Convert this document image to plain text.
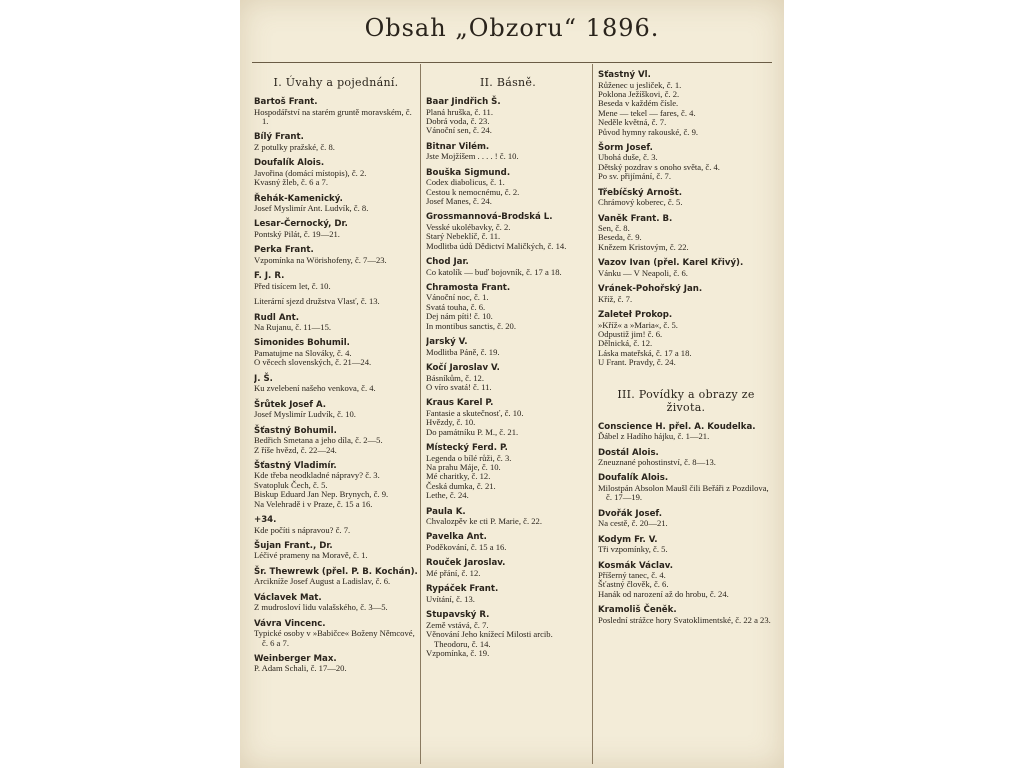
Obsah „Obzoru“ 1896.
I. Úvahy a pojednání.
Bartoš Frant.
Hospodářství na starém gruntě moravském, č. 1.
Bílý Frant.
Z potulky pražské, č. 8.
Doufalík Alois.
Javořina (domácí místopis), č. 2.
Kvasný žleb, č. 6 a 7.
Řehák-Kamenický.
Josef Myslimír Ant. Ludvík, č. 8.
Lesar-Černocký, Dr.
Pontský Pilát, č. 19—21.
Perka Frant.
Vzpomínka na Wörishofeny, č. 7—23.
F. J. R.
Před tisícem let, č. 10.
Literární sjezd družstva Vlasť, č. 13.
Rudl Ant.
Na Rujanu, č. 11—15.
Simonides Bohumil.
Pamatujme na Slováky, č. 4.
O věcech slovenských, č. 21—24.
J. Š.
Ku zvelebení našeho venkova, č. 4.
Šrůtek Josef A.
Josef Myslimír Ludvík, č. 10.
Šťastný Bohumil.
Bedřich Smetana a jeho díla, č. 2—5.
Z říše hvězd, č. 22—24.
Šťastný Vladimír.
Kde třeba neodkladné nápravy? č. 3.
Svatopluk Čech, č. 5.
Biskup Eduard Jan Nep. Brynych, č. 9.
Na Velehradě i v Praze, č. 15 a 16.
+34.
Kde počíti s nápravou? č. 7.
Šujan Frant., Dr.
Léčivé prameny na Moravě, č. 1.
Šr. Thewrewk (přel. P. B. Kochán).
Arcikníže Josef August a Ladislav, č. 6.
Václavek Mat.
Z mudrosloví lidu valašského, č. 3—5.
Vávra Vincenc.
Typické osoby v »Babičce« Boženy Němcové, č. 6 a 7.
Weinberger Max.
P. Adam Schali, č. 17—20.
II. Básně.
Baar Jindřich Š.
Planá hruška, č. 11.
Dobrá voda, č. 23.
Vánoční sen, č. 24.
Bitnar Vilém.
Jste Mojžíšem . . . . ! č. 10.
Bouška Sigmund.
Codex diabolicus, č. 1.
Cestou k nemocnému, č. 2.
Josef Manes, č. 24.
Grossmannová-Brodská L.
Vesské ukolébavky, č. 2.
Starý Nebeklíč, č. 11.
Modlitba údů Dědictví Maličkých, č. 14.
Chod Jar.
Co katolík — buď bojovník, č. 17 a 18.
Chramosta Frant.
Vánoční noc, č. 1.
Svatá touha, č. 6.
Dej nám píti! č. 10.
In montibus sanctis, č. 20.
Jarský V.
Modlitba Páně, č. 19.
Kočí Jaroslav V.
Básníkům, č. 12.
O víro svatá! č. 11.
Kraus Karel P.
Fantasie a skutečnosť, č. 10.
Hvězdy, č. 10.
Do památníku P. M., č. 21.
Místecký Ferd. P.
Legenda o bílé růži, č. 3.
Na prahu Máje, č. 10.
Mé charitky, č. 12.
Česká dumka, č. 21.
Lethe, č. 24.
Paula K.
Chvalozpěv ke cti P. Marie, č. 22.
Pavelka Ant.
Poděkování, č. 15 a 16.
Rouček Jaroslav.
Mé přání, č. 12.
Rypáček Frant.
Uvítání, č. 13.
Stupavský R.
Země vstává, č. 7.
Věnování Jeho knížecí Milosti arcib. Theodoru, č. 14.
Vzpomínka, č. 19.
Šťastný Vl.
Růženec u jesliček, č. 1.
Poklona Ježíškovi, č. 2.
Beseda v každém čísle.
Mene — tekel — fares, č. 4.
Neděle květná, č. 7.
Původ hymny rakouské, č. 9.
Šorm Josef.
Ubohá duše, č. 3.
Dětský pozdrav s onoho světa, č. 4.
Po sv. přijímání, č. 7.
Třebíčský Arnošt.
Chrámový koberec, č. 5.
Vaněk Frant. B.
Sen, č. 8.
Beseda, č. 9.
Knězem Kristovým, č. 22.
Vazov Ivan (přel. Karel Křivý).
Vánku — V Neapoli, č. 6.
Vránek-Pohořský Jan.
Kříž, č. 7.
Zaleteł Prokop.
»Kříž« a »Maria«, č. 5.
Odpustiž jim! č. 6.
Dělnická, č. 12.
Láska mateřská, č. 17 a 18.
U Frant. Pravdy, č. 24.
III. Povídky a obrazy ze života.
Conscience H. přel. A. Koudelka.
Ďábel z Hadího hájku, č. 1—21.
Dostál Alois.
Zneuznané pohostinství, č. 8—13.
Doufalík Alois.
Milostpán Absolon Maušl čili Beřáři z Pozdilova, č. 17—19.
Dvořák Josef.
Na cestě, č. 20—21.
Kodym Fr. V.
Tři vzpomínky, č. 5.
Kosmák Václav.
Příšerný tanec, č. 4.
Šťastný člověk, č. 6.
Hanák od narození až do hrobu, č. 24.
Kramoliš Čeněk.
Poslední strážce hory Svatoklimentské, č. 22 a 23.
